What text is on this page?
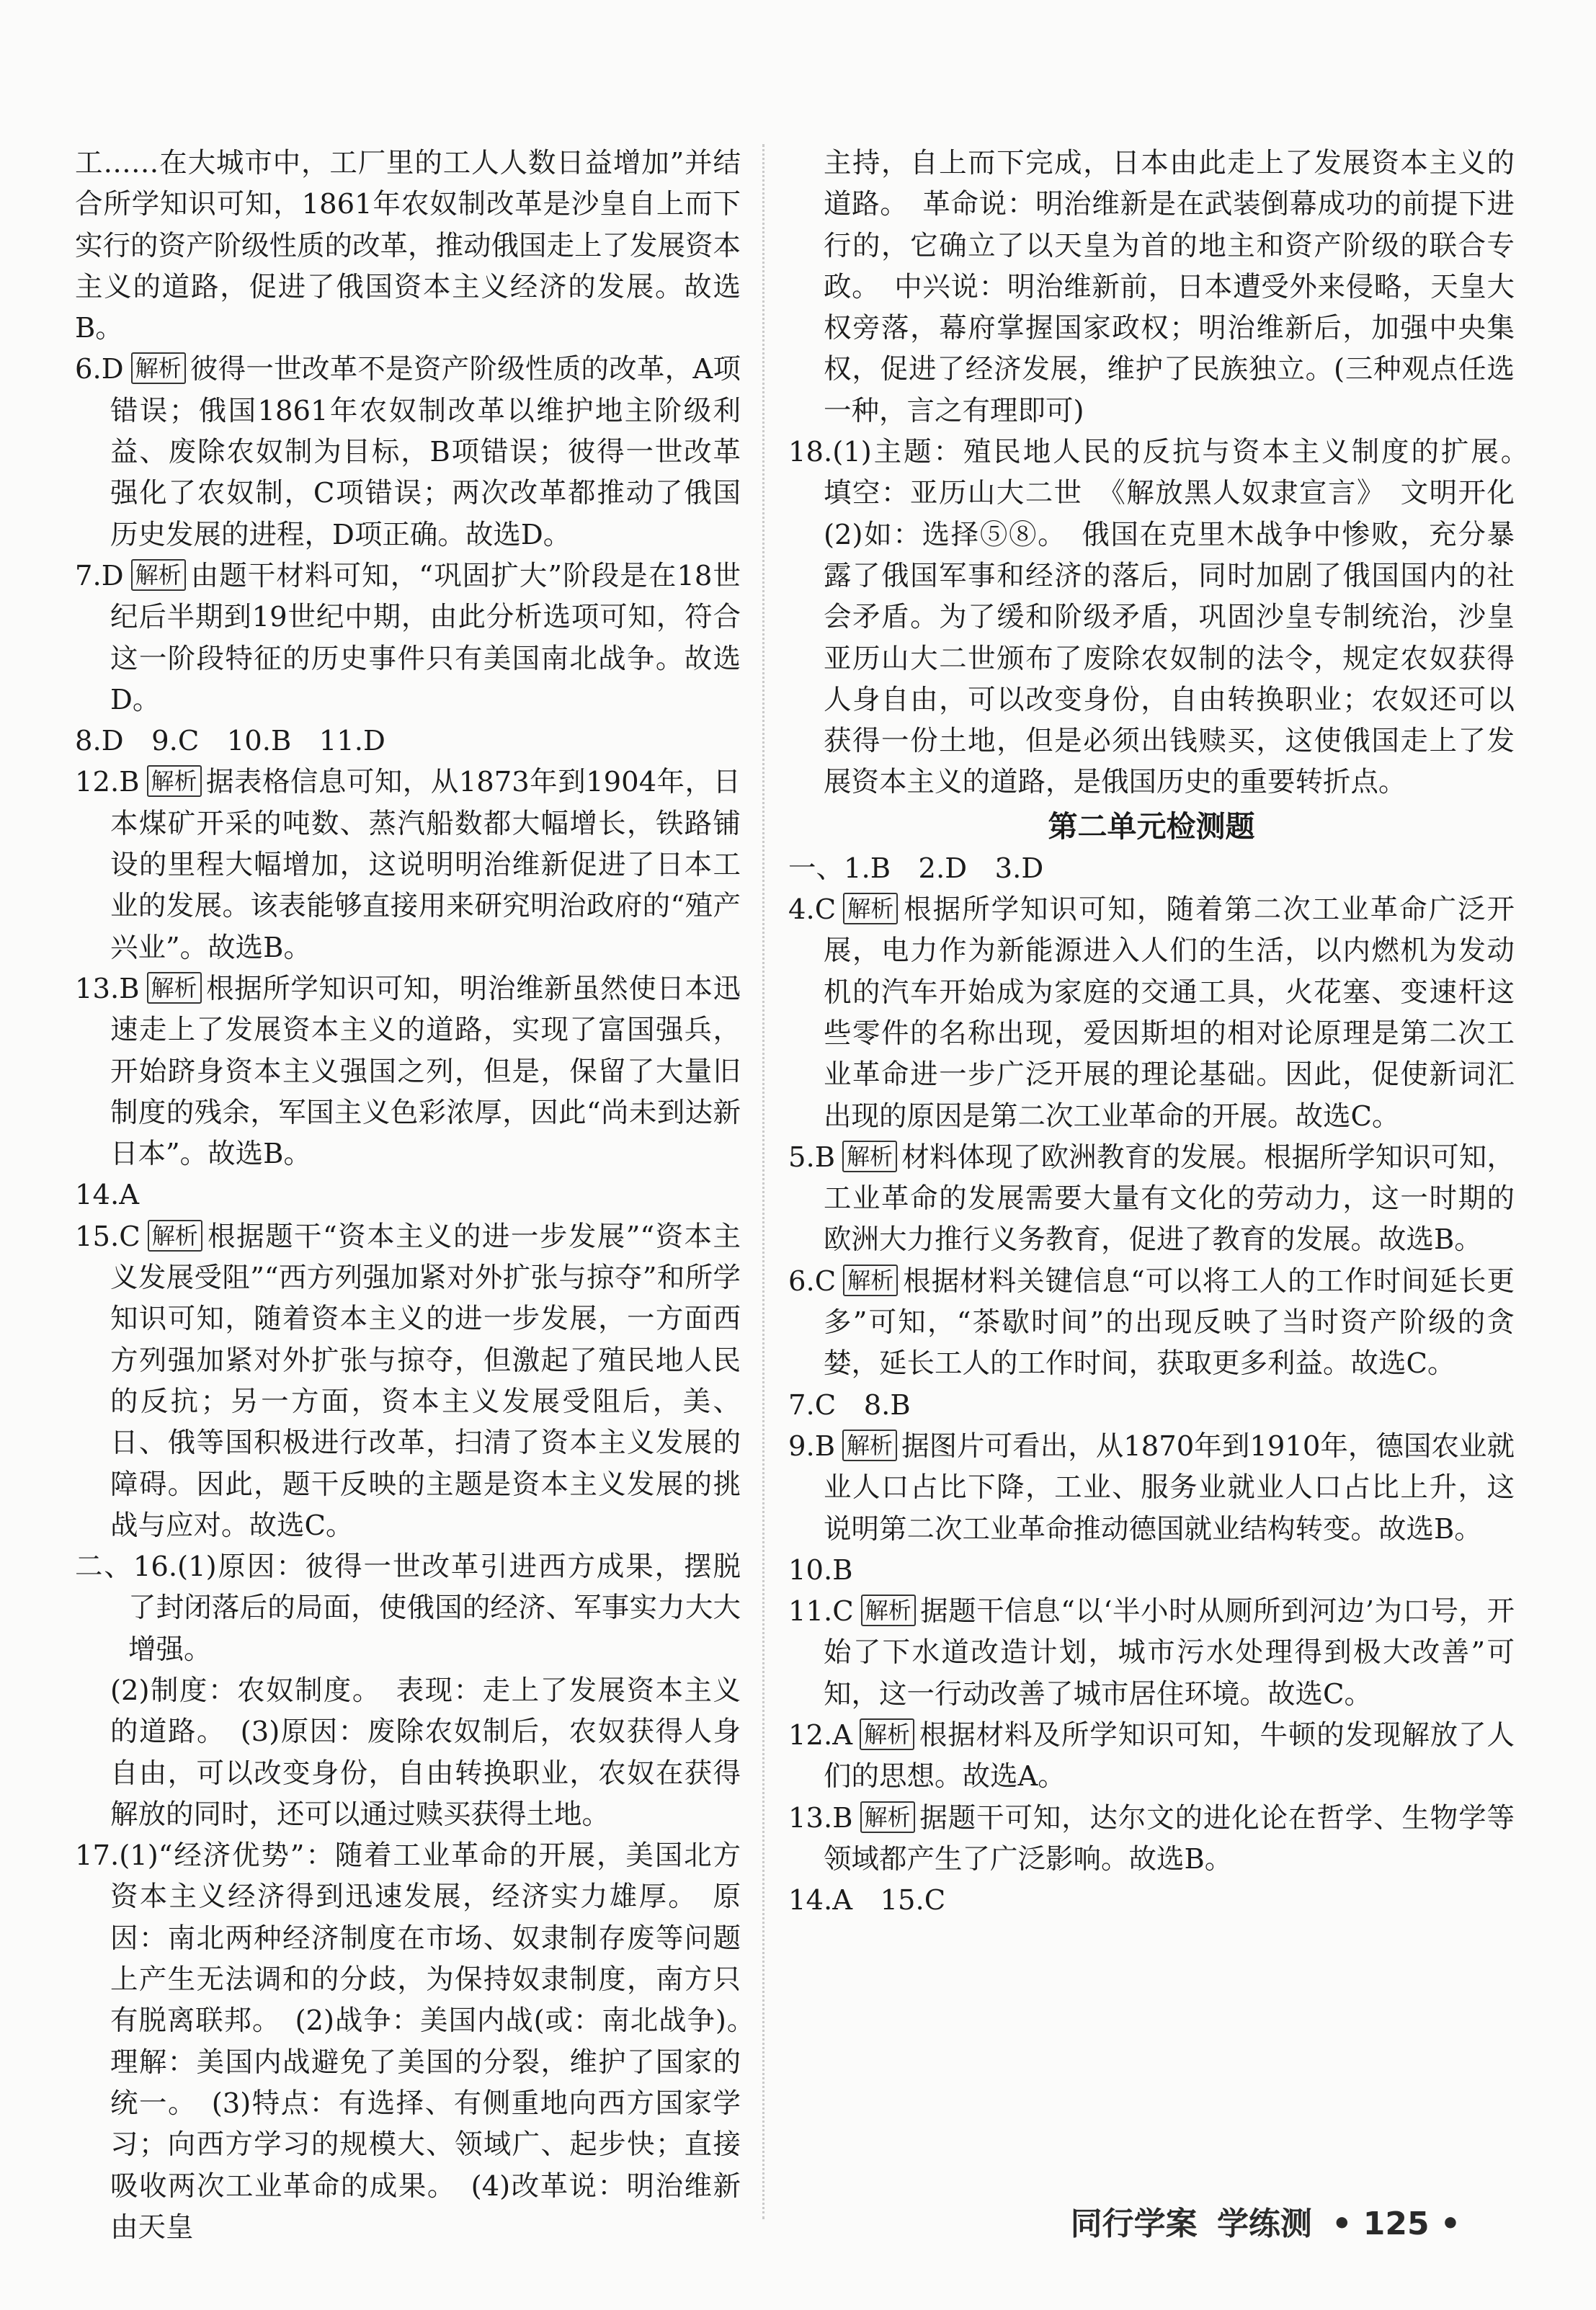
工……在大城市中，工厂里的工人人数日益增加”并结合所学知识可知，1861年农奴制改革是沙皇自上而下实行的资产阶级性质的改革，推动俄国走上了发展资本主义的道路，促进了俄国资本主义经济的发展。故选B。

6.D 解析 彼得一世改革不是资产阶级性质的改革，A项错误；俄国1861年农奴制改革以维护地主阶级利益、废除农奴制为目标，B项错误；彼得一世改革强化了农奴制，C项错误；两次改革都推动了俄国历史发展的进程，D项正确。故选D。

7.D 解析 由题干材料可知，“巩固扩大”阶段是在18世纪后半期到19世纪中期，由此分析选项可知，符合这一阶段特征的历史事件只有美国南北战争。故选D。

8.D　9.C　10.B　11.D

12.B 解析 据表格信息可知，从1873年到1904年，日本煤矿开采的吨数、蒸汽船数都大幅增长，铁路铺设的里程大幅增加，这说明明治维新促进了日本工业的发展。该表能够直接用来研究明治政府的“殖产兴业”。故选B。

13.B 解析 根据所学知识可知，明治维新虽然使日本迅速走上了发展资本主义的道路，实现了富国强兵，开始跻身资本主义强国之列，但是，保留了大量旧制度的残余，军国主义色彩浓厚，因此“尚未到达新日本”。故选B。

14.A

15.C 解析 根据题干“资本主义的进一步发展”“资本主义发展受阻”“西方列强加紧对外扩张与掠夺”和所学知识可知，随着资本主义的进一步发展，一方面西方列强加紧对外扩张与掠夺，但激起了殖民地人民的反抗；另一方面，资本主义发展受阻后，美、日、俄等国积极进行改革，扫清了资本主义发展的障碍。因此，题干反映的主题是资本主义发展的挑战与应对。故选C。

二、16.(1)原因：彼得一世改革引进西方成果，摆脱了封闭落后的局面，使俄国的经济、军事实力大大增强。

(2)制度：农奴制度。　表现：走上了发展资本主义的道路。　(3)原因：废除农奴制后，农奴获得人身自由，可以改变身份，自由转换职业，农奴在获得解放的同时，还可以通过赎买获得土地。

17.(1)“经济优势”：随着工业革命的开展，美国北方资本主义经济得到迅速发展，经济实力雄厚。　原因：南北两种经济制度在市场、奴隶制存废等问题上产生无法调和的分歧，为保持奴隶制度，南方只有脱离联邦。　(2)战争：美国内战(或：南北战争)。　理解：美国内战避免了美国的分裂，维护了国家的统一。　(3)特点：有选择、有侧重地向西方国家学习；向西方学习的规模大、领域广、起步快；直接吸收两次工业革命的成果。　(4)改革说：明治维新由天皇

主持，自上而下完成，日本由此走上了发展资本主义的道路。　革命说：明治维新是在武装倒幕成功的前提下进行的，它确立了以天皇为首的地主和资产阶级的联合专政。　中兴说：明治维新前，日本遭受外来侵略，天皇大权旁落，幕府掌握国家政权；明治维新后，加强中央集权，促进了经济发展，维护了民族独立。(三种观点任选一种，言之有理即可)

18.(1)主题：殖民地人民的反抗与资本主义制度的扩展。　填空：亚历山大二世　《解放黑人奴隶宣言》　文明开化　(2)如：选择⑤⑧。　俄国在克里木战争中惨败，充分暴露了俄国军事和经济的落后，同时加剧了俄国国内的社会矛盾。为了缓和阶级矛盾，巩固沙皇专制统治，沙皇亚历山大二世颁布了废除农奴制的法令，规定农奴获得人身自由，可以改变身份，自由转换职业；农奴还可以获得一份土地，但是必须出钱赎买，这使俄国走上了发展资本主义的道路，是俄国历史的重要转折点。

第二单元检测题

一、1.B　2.D　3.D

4.C 解析 根据所学知识可知，随着第二次工业革命广泛开展，电力作为新能源进入人们的生活，以内燃机为发动机的汽车开始成为家庭的交通工具，火花塞、变速杆这些零件的名称出现，爱因斯坦的相对论原理是第二次工业革命进一步广泛开展的理论基础。因此，促使新词汇出现的原因是第二次工业革命的开展。故选C。

5.B 解析 材料体现了欧洲教育的发展。根据所学知识可知，工业革命的发展需要大量有文化的劳动力，这一时期的欧洲大力推行义务教育，促进了教育的发展。故选B。

6.C 解析 根据材料关键信息“可以将工人的工作时间延长更多”可知，“茶歇时间”的出现反映了当时资产阶级的贪婪，延长工人的工作时间，获取更多利益。故选C。

7.C　8.B

9.B 解析 据图片可看出，从1870年到1910年，德国农业就业人口占比下降，工业、服务业就业人口占比上升，这说明第二次工业革命推动德国就业结构转变。故选B。

10.B

11.C 解析 据题干信息“以‘半小时从厕所到河边’为口号，开始了下水道改造计划，城市污水处理得到极大改善”可知，这一行动改善了城市居住环境。故选C。

12.A 解析 根据材料及所学知识可知，牛顿的发现解放了人们的思想。故选A。

13.B 解析 据题干可知，达尔文的进化论在哲学、生物学等领域都产生了广泛影响。故选B。

14.A　15.C

同行学案 学练测 • 125 •
